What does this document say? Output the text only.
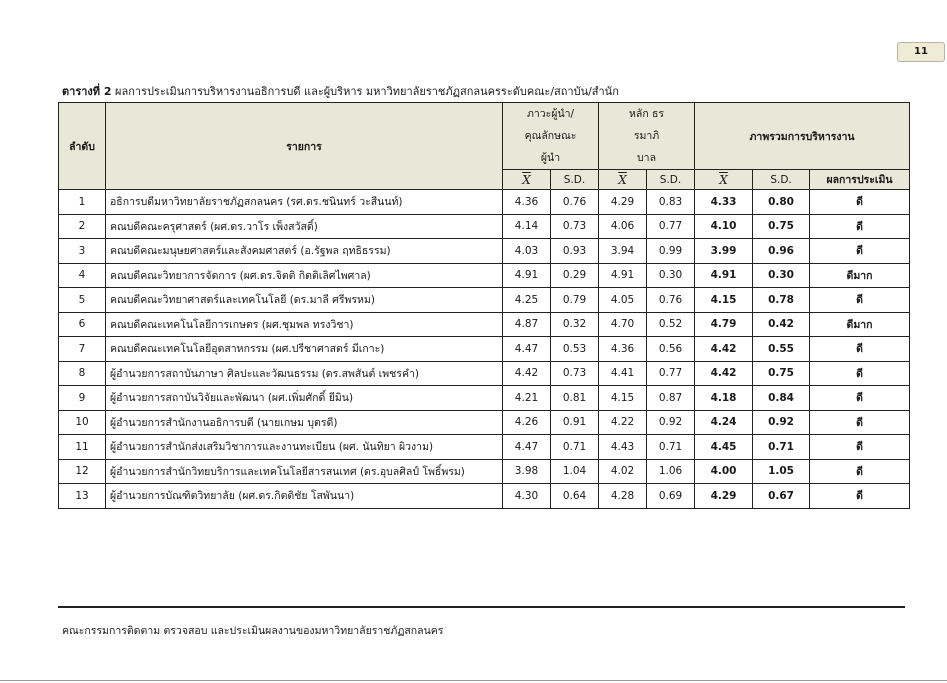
11
ตารางที่ 2 ผลการประเมินการบริหารงานอธิการบดี และผู้บริหาร มหาวิทยาลัยราชภัฏสกลนครระดับคณะ/สถาบัน/สำนัก
ลำดับ	รายการ	ภาวะผู้นำ/ คุณลักษณะผู้นำ		หลัก ธรรมาภิบาล		ภาพรวมการบริหารงาน		
		$\overline{X}$	S.D.	$\overline{X}$	S.D.	$\overline{X}$	S.D.	ผลการประเมิน
1	อธิการบดีมหาวิทยาลัยราชภัฏสกลนคร (รศ.ดร.ชนินทร์ วะสีนนท์)	4.36	0.76	4.29	0.83	4.33	0.80	ดี
2	คณบดีคณะครุศาสตร์ (ผศ.ดร.วาโร เพ็งสวัสดิ์)	4.14	0.73	4.06	0.77	4.10	0.75	ดี
3	คณบดีคณะมนุษยศาสตร์และสังคมศาสตร์ (อ.รัฐพล ฤทธิธรรม)	4.03	0.93	3.94	0.99	3.99	0.96	ดี
4	คณบดีคณะวิทยาการจัดการ (ผศ.ดร.จิตติ กิตติเลิศไพศาล)	4.91	0.29	4.91	0.30	4.91	0.30	ดีมาก
5	คณบดีคณะวิทยาศาสตร์และเทคโนโลยี (ดร.มาลี ศรีพรหม)	4.25	0.79	4.05	0.76	4.15	0.78	ดี
6	คณบดีคณะเทคโนโลยีการเกษตร (ผศ.ชุมพล ทรงวิชา)	4.87	0.32	4.70	0.52	4.79	0.42	ดีมาก
7	คณบดีคณะเทคโนโลยีอุตสาหกรรม (ผศ.ปรีชาศาสตร์ มีเกาะ)	4.47	0.53	4.36	0.56	4.42	0.55	ดี
8	ผู้อำนวยการสถาบันภาษา ศิลปะและวัฒนธรรม (ดร.สพสันต์ เพชรคำ)	4.42	0.73	4.41	0.77	4.42	0.75	ดี
9	ผู้อำนวยการสถาบันวิจัยและพัฒนา (ผศ.เพิ่มศักดิ์ ยีมิน)	4.21	0.81	4.15	0.87	4.18	0.84	ดี
10	ผู้อำนวยการสำนักงานอธิการบดี (นายเกษม บุตรดี)	4.26	0.91	4.22	0.92	4.24	0.92	ดี
11	ผู้อำนวยการสำนักส่งเสริมวิชาการและงานทะเบียน (ผศ. นันทิยา ผิวงาม)	4.47	0.71	4.43	0.71	4.45	0.71	ดี
12	ผู้อำนวยการสำนักวิทยบริการและเทคโนโลยีสารสนเทศ (ดร.อุบลศิลป์ โพธิ์พรม)	3.98	1.04	4.02	1.06	4.00	1.05	ดี
13	ผู้อำนวยการบัณฑิตวิทยาลัย (ผศ.ดร.กิตติชัย โสพันนา)	4.30	0.64	4.28	0.69	4.29	0.67	ดี
คณะกรรมการติดตาม ตรวจสอบ และประเมินผลงานของมหาวิทยาลัยราชภัฏสกลนคร
